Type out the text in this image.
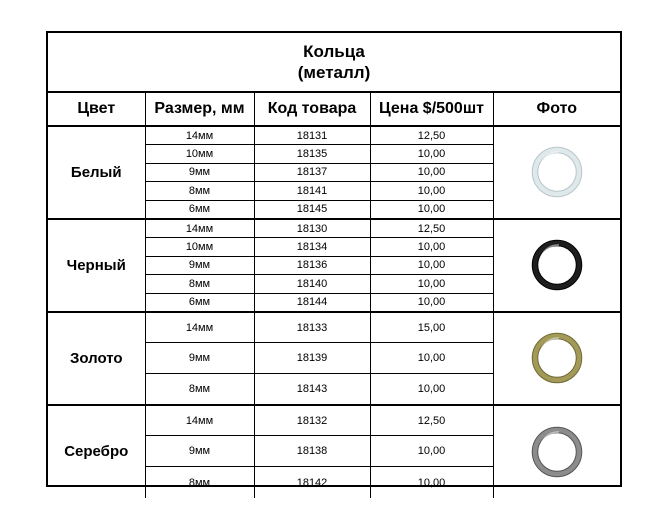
Кольца
(металл)				

Цвет	Размер, мм	Код товара	Цена $/500шт	Фото
Белый	14мм	18131	12,50	

	10мм	18135	10,00	
	9мм	18137	10,00	
	8мм	18141	10,00	
	6мм	18145	10,00	
Черный	14мм	18130	12,50	

	10мм	18134	10,00	
	9мм	18136	10,00	
	8мм	18140	10,00	
	6мм	18144	10,00	
Золото	14мм	18133	15,00	

	9мм	18139	10,00	
	8мм	18143	10,00	
Серебро	14мм	18132	12,50	

	9мм	18138	10,00	
	8мм	18142	10,00	
